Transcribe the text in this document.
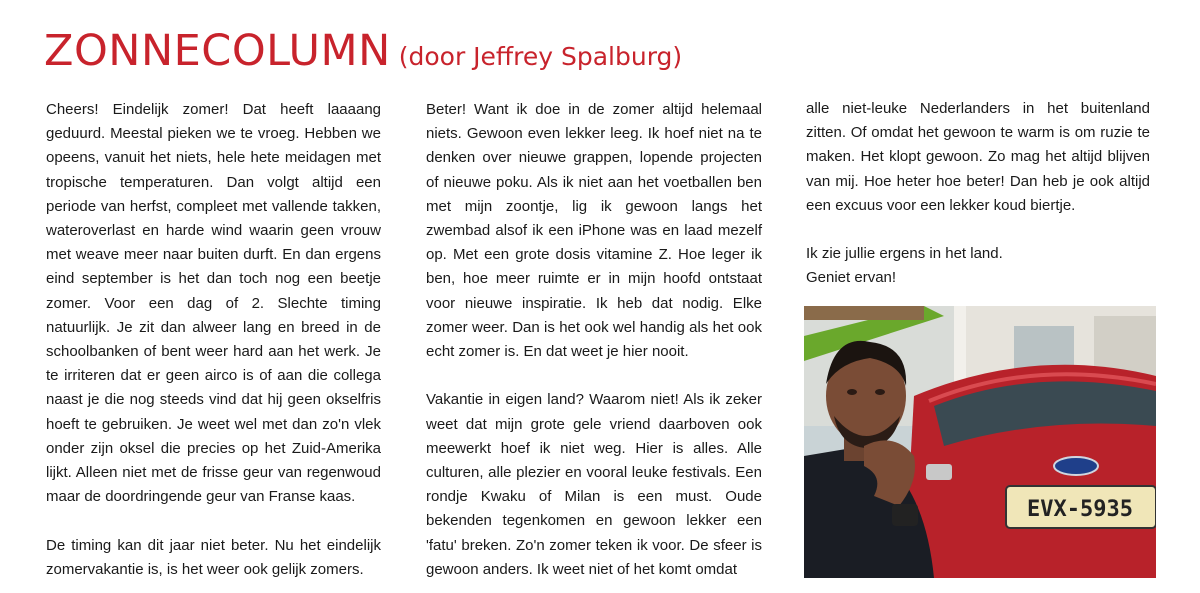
ZONNECOLUMN (door Jeffrey Spalburg)

Cheers! Eindelijk zomer! Dat heeft laaaang geduurd. Meestal pieken we te vroeg. Hebben we opeens, vanuit het niets, hele hete meidagen met tropische temperaturen. Dan volgt altijd een periode van herfst, compleet met vallende takken, wateroverlast en harde wind waarin geen vrouw met weave meer naar buiten durft. En dan ergens eind september is het dan toch nog een beetje zomer. Voor een dag of 2. Slechte timing natuurlijk. Je zit dan alweer lang en breed in de schoolbanken of bent weer hard aan het werk. Je te irriteren dat er geen airco is of aan die collega naast je die nog steeds vind dat hij geen okselfris hoeft te gebruiken. Je weet wel met dan zo'n vlek onder zijn oksel die precies op het Zuid-Amerika lijkt. Alleen niet met de frisse geur van regenwoud maar de doordringende geur van Franse kaas.

De timing kan dit jaar niet beter. Nu het eindelijk zomervakantie is, is het weer ook gelijk zomers.

Beter! Want ik doe in de zomer altijd helemaal niets. Gewoon even lekker leeg. Ik hoef niet na te denken over nieuwe grappen, lopende projecten of nieuwe poku. Als ik niet aan het voetballen ben met mijn zoontje, lig ik gewoon langs het zwembad alsof ik een iPhone was en laad mezelf op. Met een grote dosis vitamine Z. Hoe leger ik ben, hoe meer ruimte er in mijn hoofd ontstaat voor nieuwe inspiratie. Ik heb dat nodig. Elke zomer weer. Dan is het ook wel handig als het ook echt zomer is. En dat weet je hier nooit.

Vakantie in eigen land? Waarom niet! Als ik zeker weet dat mijn grote gele vriend daarboven ook meewerkt hoef ik niet weg. Hier is alles. Alle culturen, alle plezier en vooral leuke festivals. Een rondje Kwaku of Milan is een must. Oude bekenden tegenkomen en gewoon lekker een 'fatu' breken. Zo'n zomer teken ik voor. De sfeer is gewoon anders. Ik weet niet of het komt omdat

alle niet-leuke Nederlanders in het buitenland zitten. Of omdat het gewoon te warm is om ruzie te maken. Het klopt gewoon. Zo mag het altijd blijven van mij. Hoe heter hoe beter! Dan heb je ook altijd een excuus voor een lekker koud biertje.

Ik zie jullie ergens in het land.

Geniet ervan!

EVX-5935
